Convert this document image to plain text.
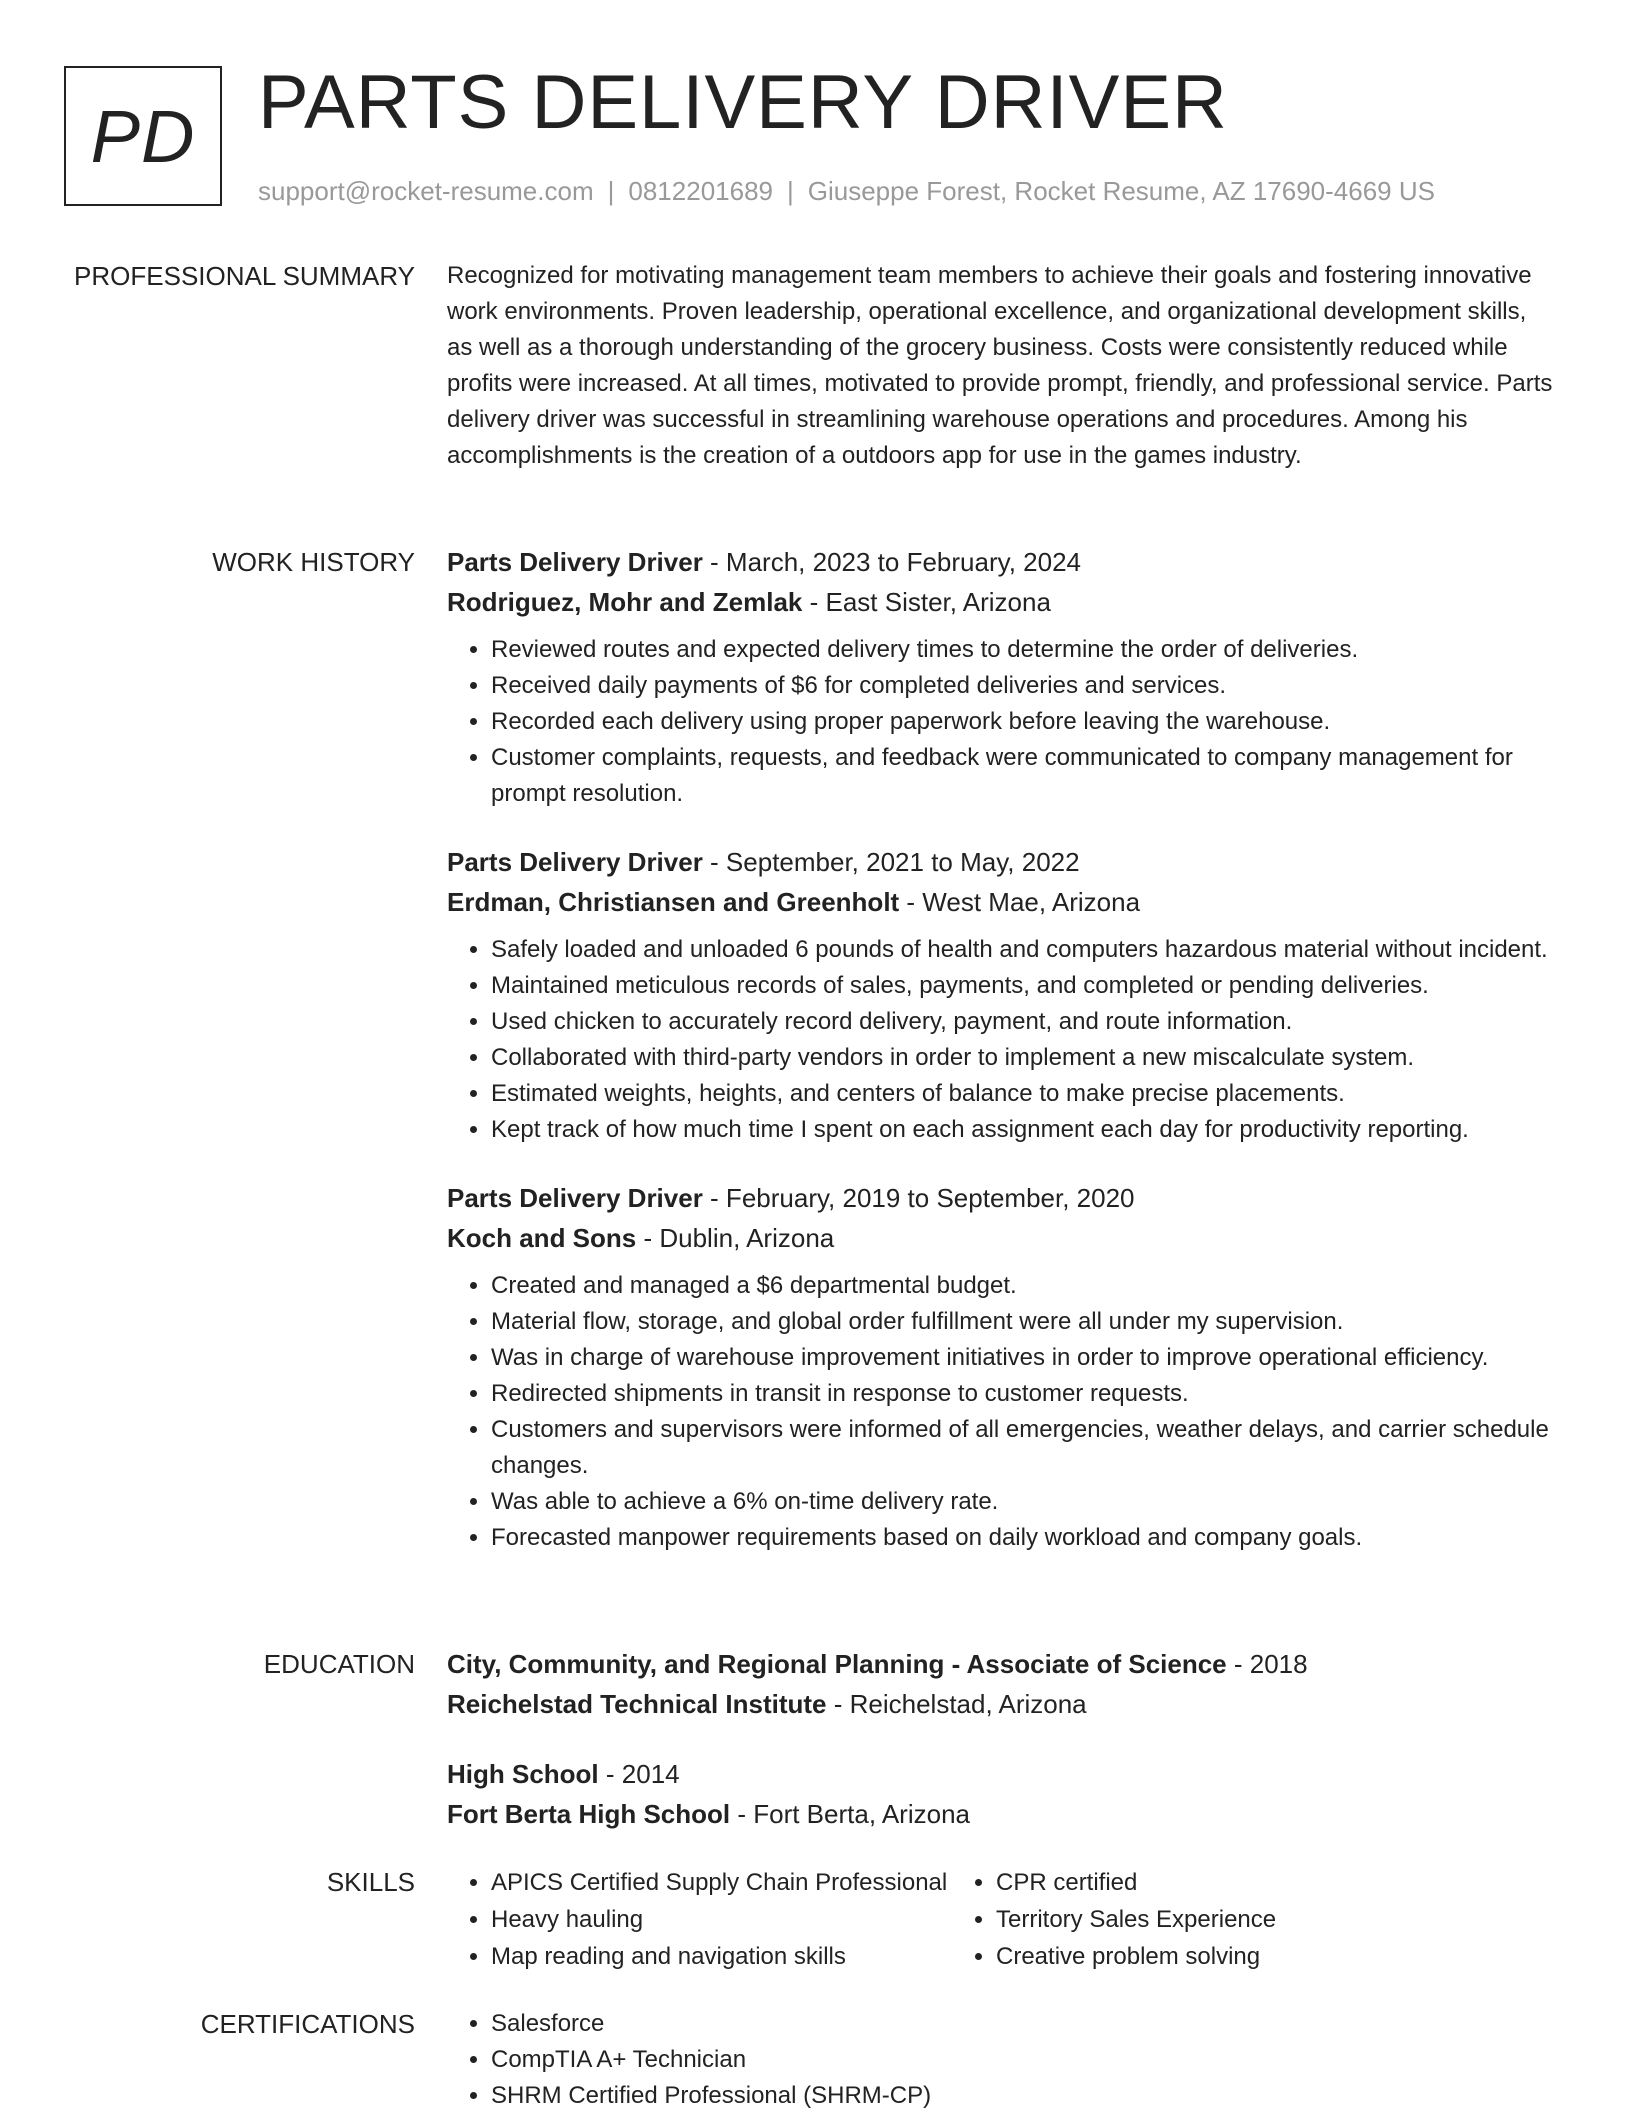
PD PARTS DELIVERY DRIVER
support@rocket-resume.com | 0812201689 | Giuseppe Forest, Rocket Resume, AZ 17690-4669 US
PROFESSIONAL SUMMARY Recognized for motivating management team members to achieve their goals and fostering innovative work environments. Proven leadership, operational excellence, and organizational development skills, as well as a thorough understanding of the grocery business. Costs were consistently reduced while profits were increased. At all times, motivated to provide prompt, friendly, and professional service. Parts delivery driver was successful in streamlining warehouse operations and procedures. Among his accomplishments is the creation of a outdoors app for use in the games industry.
WORK HISTORY Parts Delivery Driver - March, 2023 to February, 2024
Rodriguez, Mohr and Zemlak - East Sister, Arizona
• Reviewed routes and expected delivery times to determine the order of deliveries.
• Received daily payments of $6 for completed deliveries and services.
• Recorded each delivery using proper paperwork before leaving the warehouse.
• Customer complaints, requests, and feedback were communicated to company management for prompt resolution.
Parts Delivery Driver - September, 2021 to May, 2022
Erdman, Christiansen and Greenholt - West Mae, Arizona
• Safely loaded and unloaded 6 pounds of health and computers hazardous material without incident.
• Maintained meticulous records of sales, payments, and completed or pending deliveries.
• Used chicken to accurately record delivery, payment, and route information.
• Collaborated with third-party vendors in order to implement a new miscalculate system.
• Estimated weights, heights, and centers of balance to make precise placements.
• Kept track of how much time I spent on each assignment each day for productivity reporting.
Parts Delivery Driver - February, 2019 to September, 2020
Koch and Sons - Dublin, Arizona
• Created and managed a $6 departmental budget.
• Material flow, storage, and global order fulfillment were all under my supervision.
• Was in charge of warehouse improvement initiatives in order to improve operational efficiency.
• Redirected shipments in transit in response to customer requests.
• Customers and supervisors were informed of all emergencies, weather delays, and carrier schedule changes.
• Was able to achieve a 6% on-time delivery rate.
• Forecasted manpower requirements based on daily workload and company goals.
EDUCATION City, Community, and Regional Planning - Associate of Science - 2018
Reichelstad Technical Institute - Reichelstad, Arizona
High School - 2014
Fort Berta High School - Fort Berta, Arizona
SKILLS	• APICS Certified Supply Chain Professional
• Heavy hauling
• Map reading and navigation skills
• CPR certified
• Territory Sales Experience
• Creative problem solving
CERTIFICATIONS	• Salesforce
• CompTIA A+ Technician
• SHRM Certified Professional (SHRM-CP)
